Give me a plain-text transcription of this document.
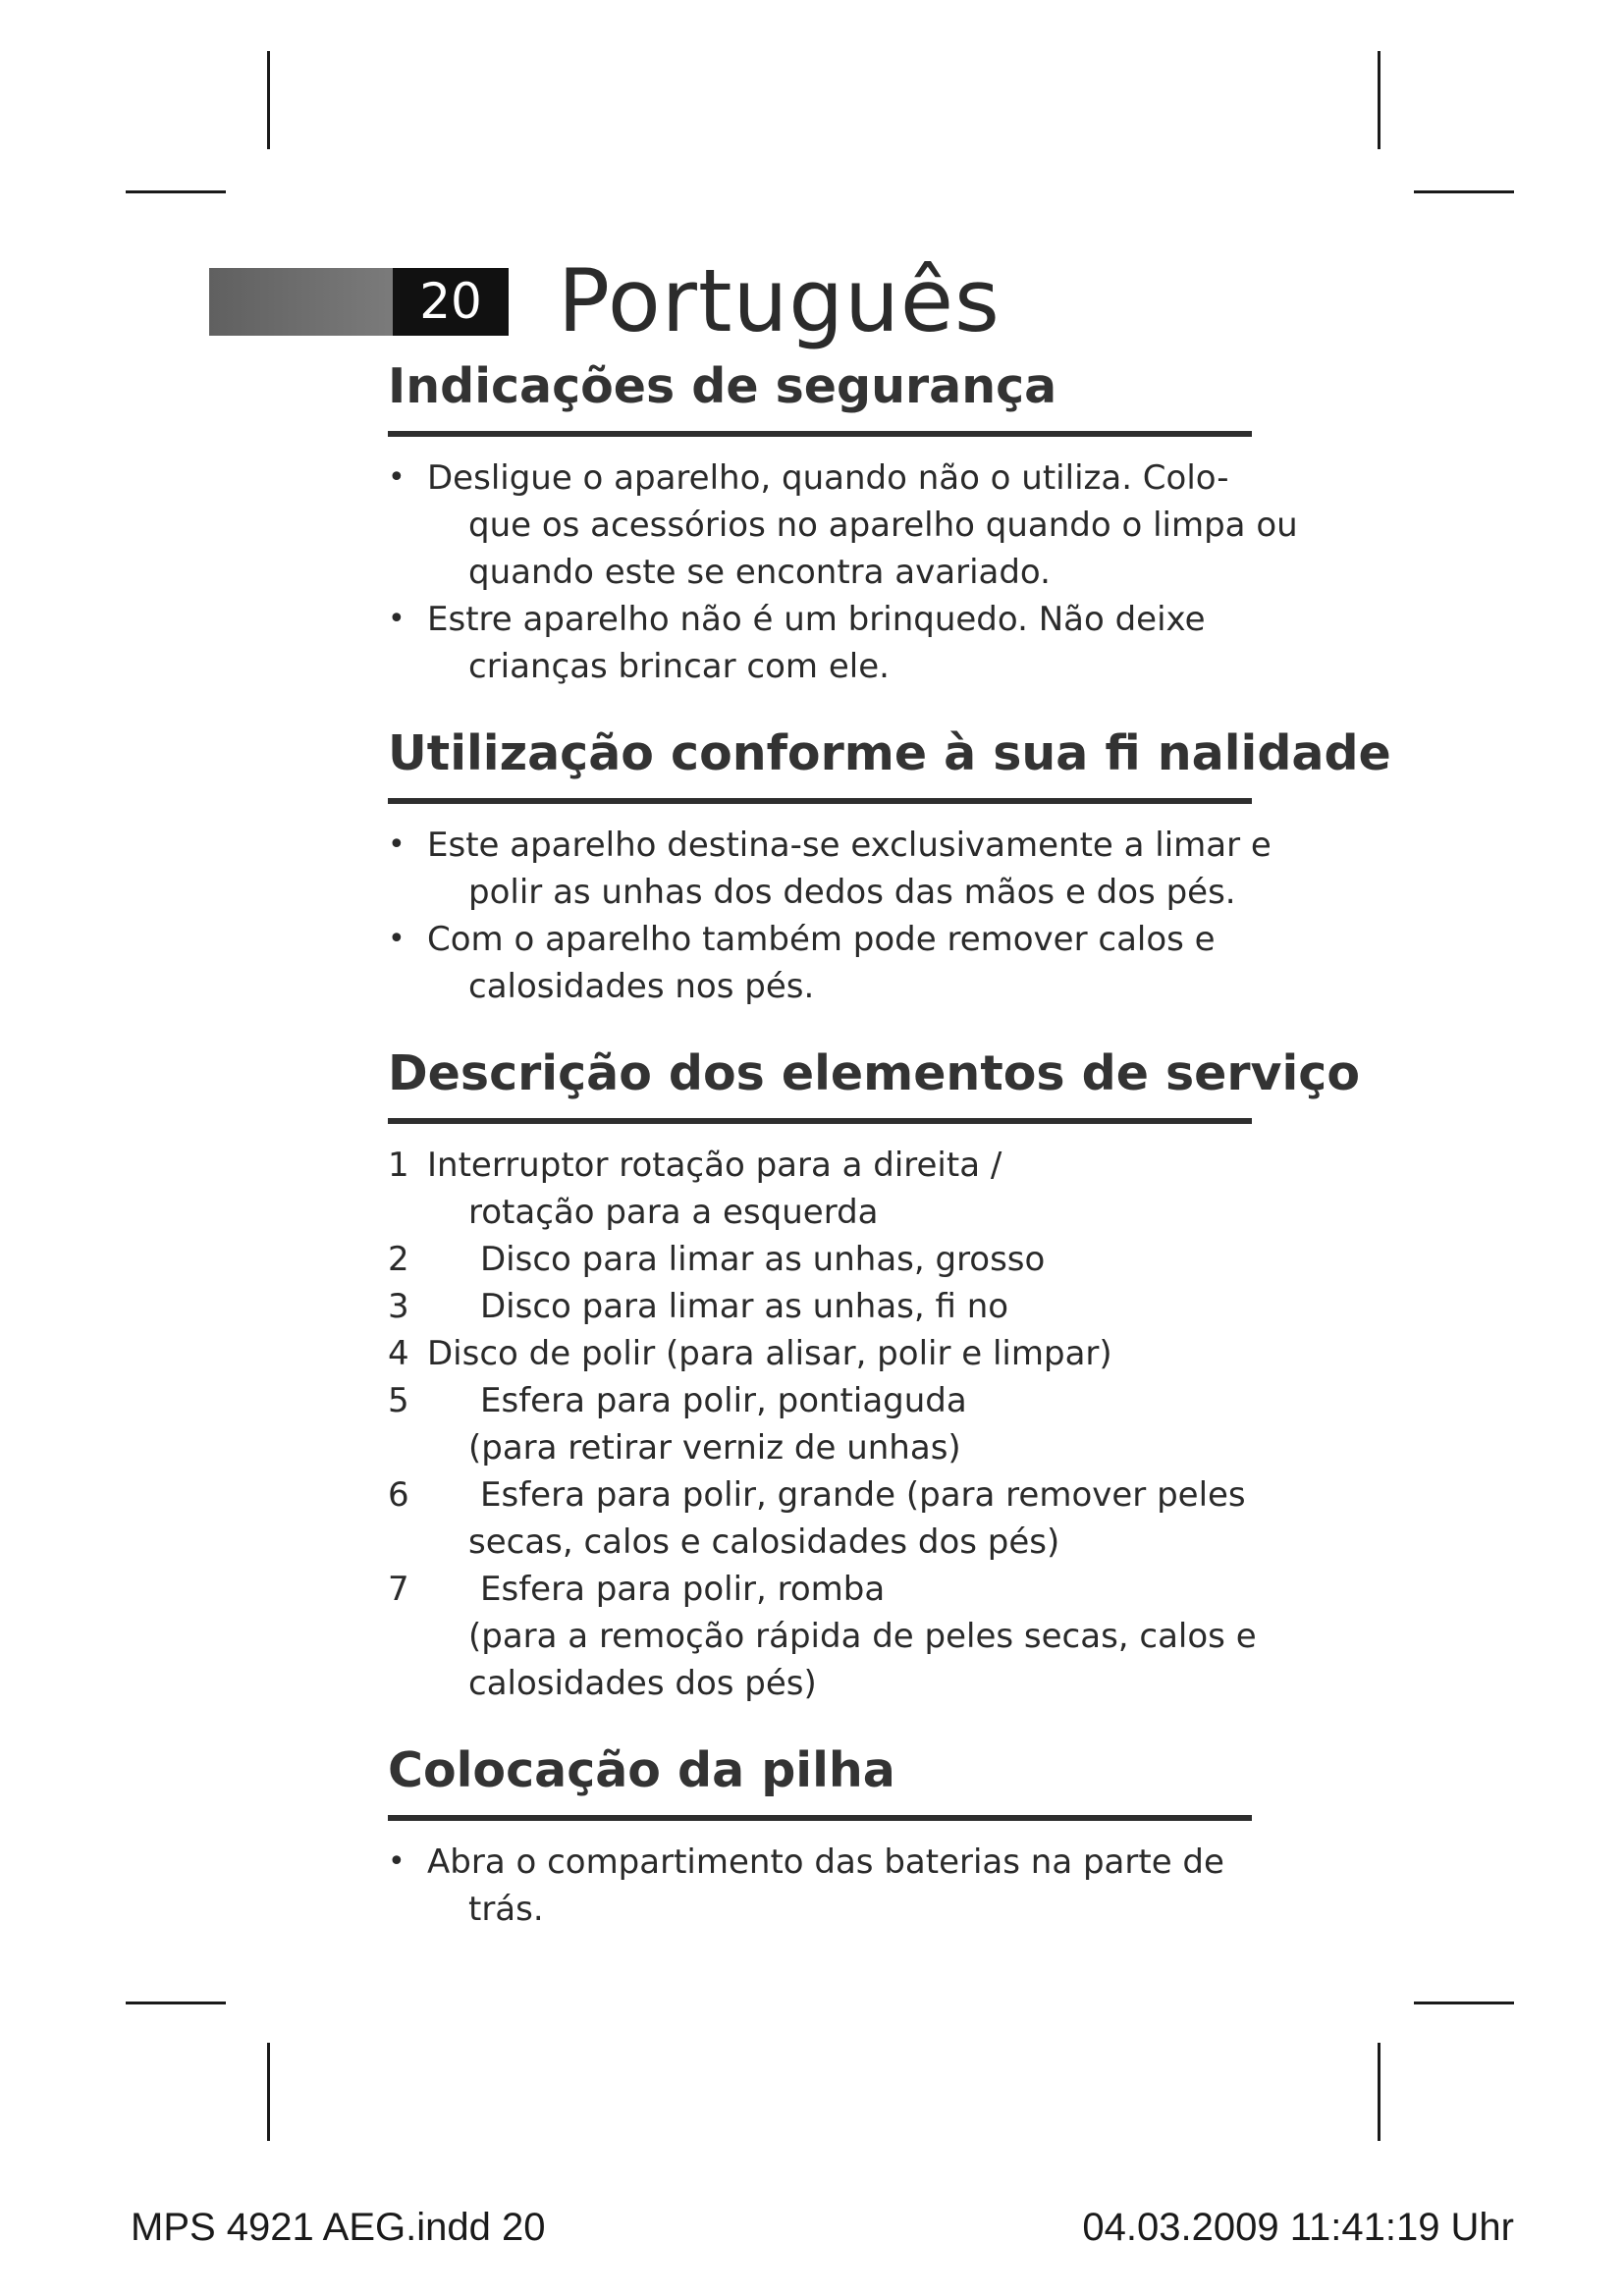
20 Português
Indicações de segurança
• Desligue o aparelho, quando não o utiliza. Colo-
que os acessórios no aparelho quando o limpa ou
quando este se encontra avariado.
• Estre aparelho não é um brinquedo. Não deixe
crianças brincar com ele.
Utilização conforme à sua fi nalidade
• Este aparelho destina-se exclusivamente a limar e
polir as unhas dos dedos das mãos e dos pés.
• Com o aparelho também pode remover calos e
calosidades nos pés.
Descrição dos elementos de serviço
1 Interruptor rotação para a direita /
rotação para a esquerda
2	Disco para limar as unhas, grosso
3	Disco para limar as unhas, fi no
4 Disco de polir (para alisar, polir e limpar)
5	Esfera para polir, pontiaguda
(para retirar verniz de unhas)
6	Esfera para polir, grande (para remover peles
secas, calos e calosidades dos pés)
7	Esfera para polir, romba
(para a remoção rápida de peles secas, calos e
calosidades dos pés)
Colocação da pilha
• Abra o compartimento das baterias na parte de
trás.
MPS 4921 AEG.indd 20	04.03.2009 11:41:19 Uhr
